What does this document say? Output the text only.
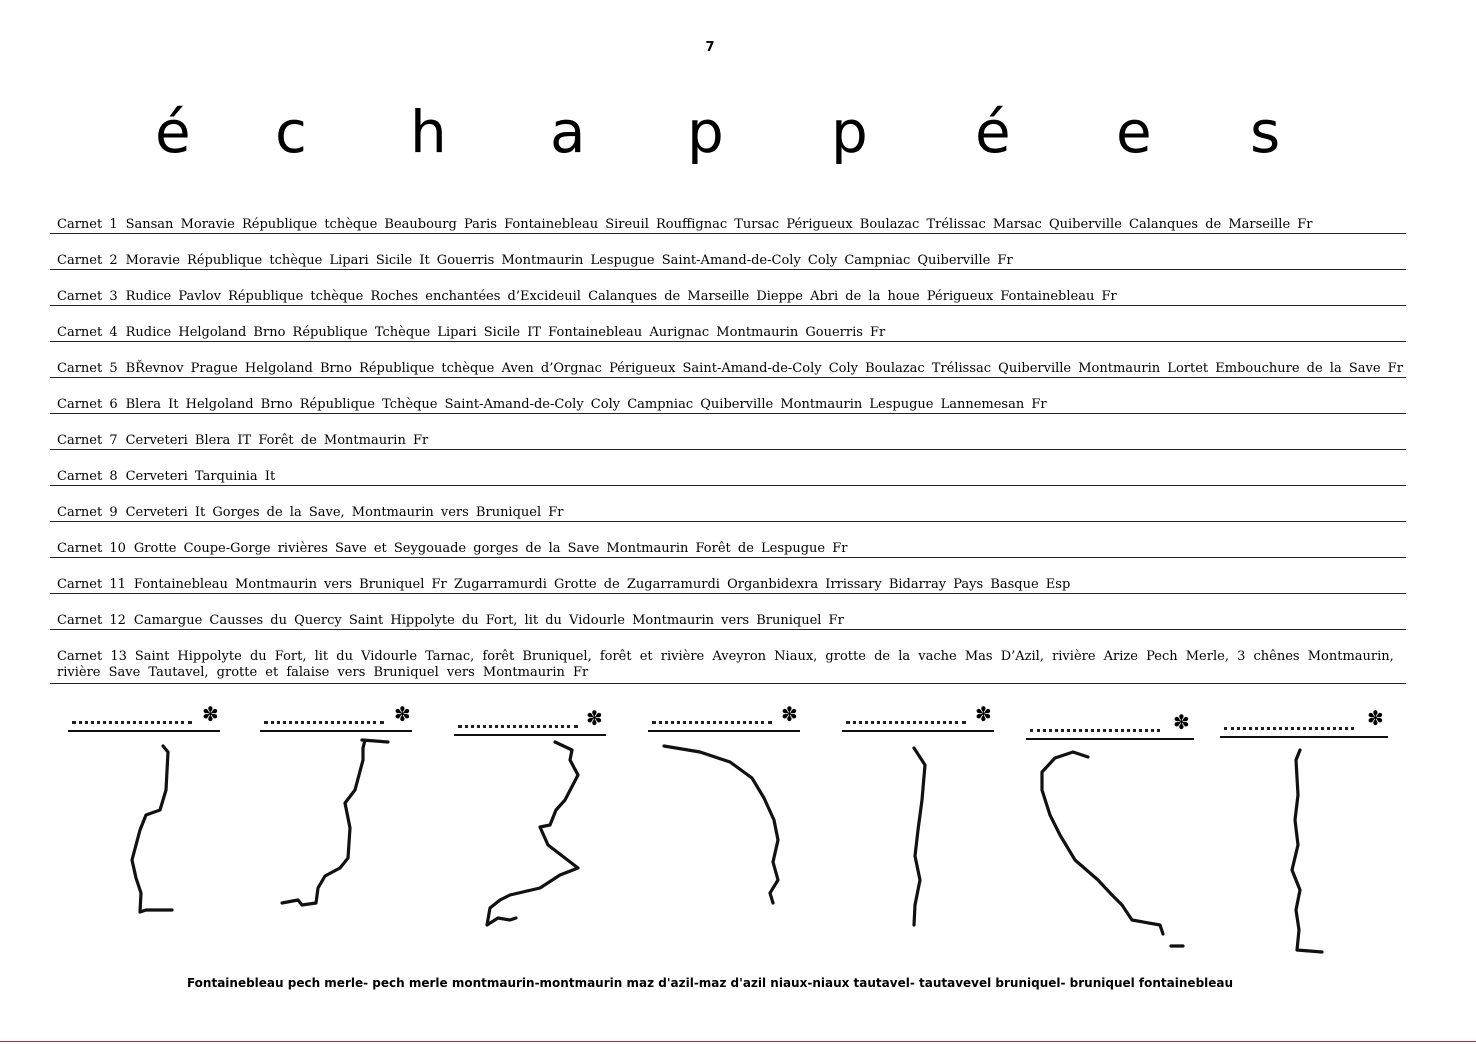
7
é c h a p p é e s
Carnet 1 Sansan Moravie République tchèque Beaubourg Paris Fontainebleau Sireuil Rouffignac Tursac Périgueux Boulazac Trélissac Marsac Quiberville Calanques de Marseille Fr
Carnet 2 Moravie République tchèque Lipari Sicile It Gouerris Montmaurin Lespugue Saint-Amand-de-Coly Coly Campniac Quiberville Fr
Carnet 3 Rudice Pavlov République tchèque Roches enchantées d’Excideuil Calanques de Marseille Dieppe Abri de la houe Périgueux Fontainebleau Fr
Carnet 4 Rudice Helgoland Brno République Tchèque Lipari Sicile IT Fontainebleau Aurignac Montmaurin Gouerris Fr
Carnet 5 BŘevnov Prague Helgoland Brno République tchèque Aven d’Orgnac Périgueux Saint-Amand-de-Coly Coly Boulazac Trélissac Quiberville Montmaurin Lortet Embouchure de la Save Fr
Carnet 6 Blera It Helgoland Brno République Tchèque Saint-Amand-de-Coly Coly Campniac Quiberville Montmaurin Lespugue Lannemesan Fr
Carnet 7 Cerveteri Blera IT Forêt de Montmaurin Fr
Carnet 8 Cerveteri Tarquinia It
Carnet 9 Cerveteri It Gorges de la Save, Montmaurin vers Bruniquel Fr
Carnet 10 Grotte Coupe-Gorge rivières Save et Seygouade gorges de la Save Montmaurin Forêt de Lespugue Fr
Carnet 11 Fontainebleau Montmaurin vers Bruniquel Fr Zugarramurdi Grotte de Zugarramurdi Organbidexra Irrissary Bidarray Pays Basque Esp
Carnet 12 Camargue Causses du Quercy Saint Hippolyte du Fort, lit du Vidourle Montmaurin vers Bruniquel Fr
Carnet 13 Saint Hippolyte du Fort, lit du Vidourle Tarnac, forêt Bruniquel, forêt et rivière Aveyron Niaux, grotte de la vache Mas D’Azil, rivière Arize Pech Merle, 3 chênes Montmaurin, rivière Save Tautavel, grotte et falaise vers Bruniquel vers Montmaurin Fr
✽	✽	✽	✽	✽	✽	✽
Fontainebleau pech merle- pech merle montmaurin-montmaurin maz d'azil-maz d'azil niaux-niaux tautavel- tautavevel bruniquel- bruniquel fontainebleau
